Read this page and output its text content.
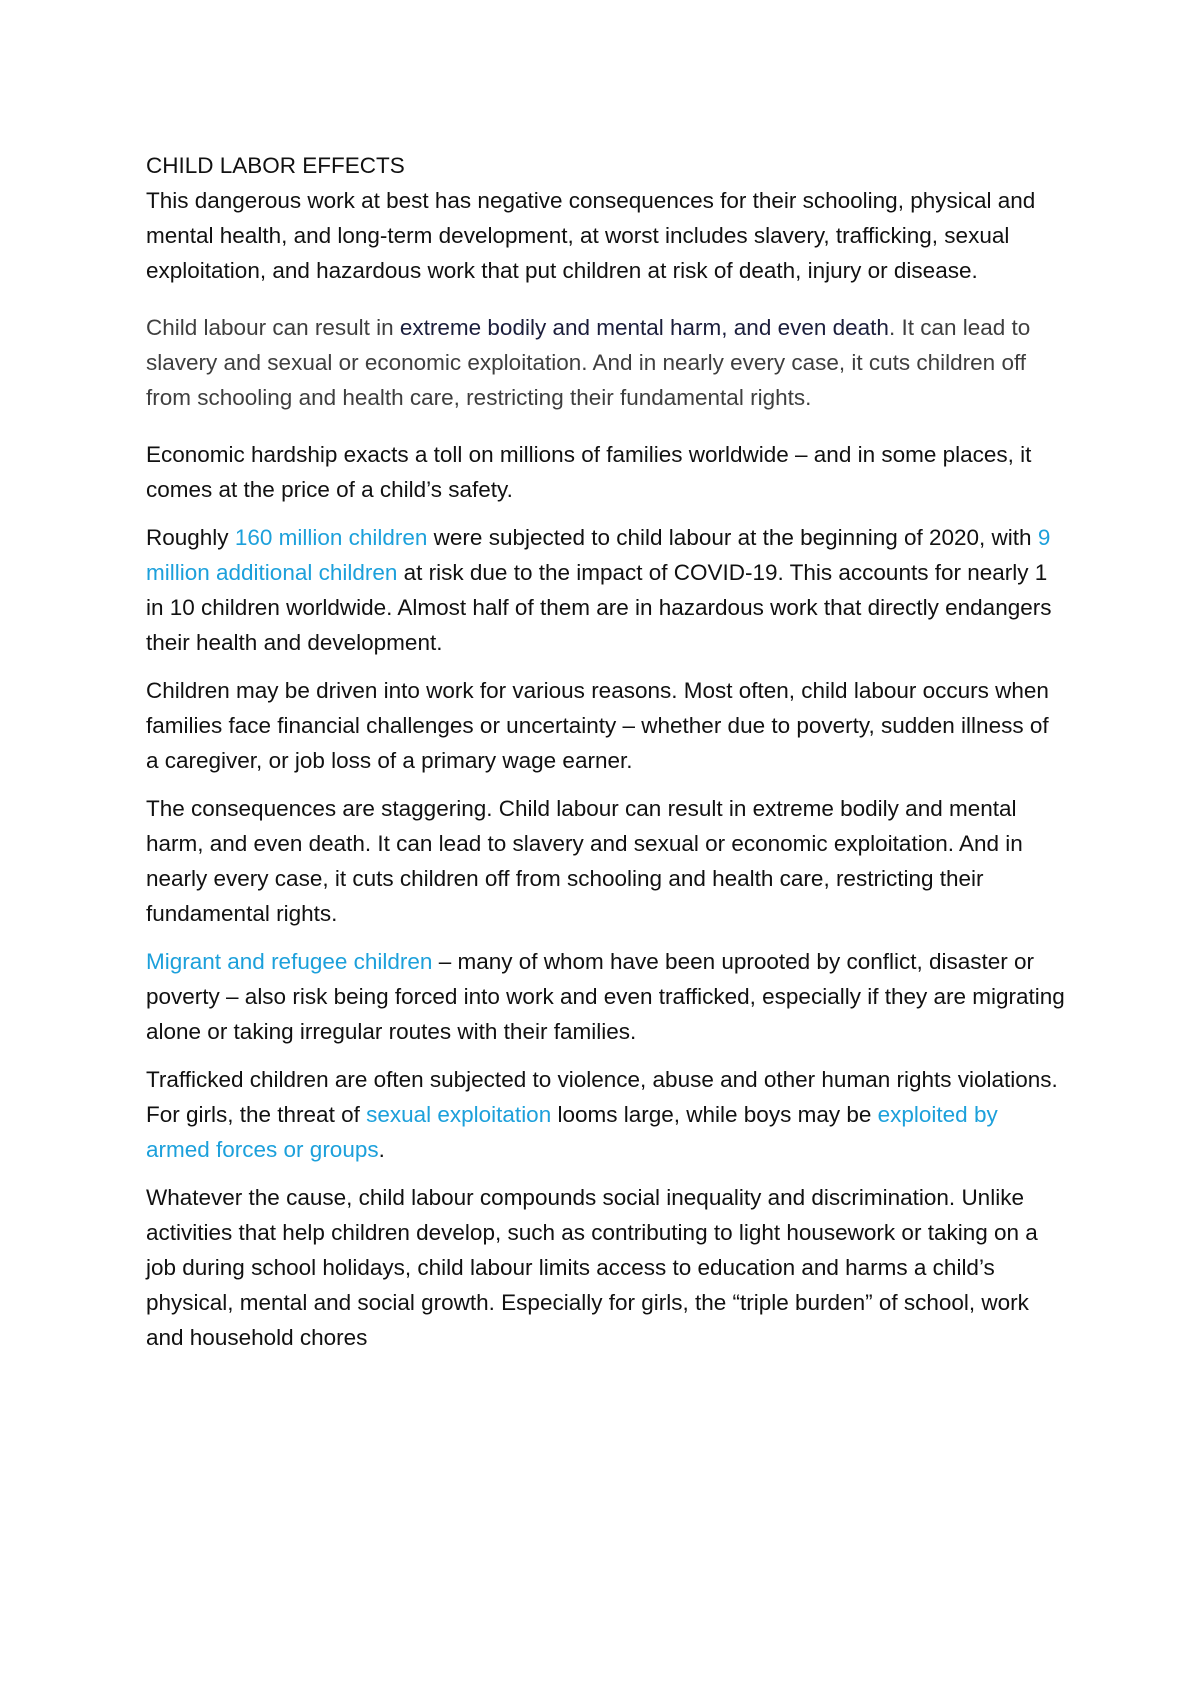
CHILD LABOR EFFECTS
This dangerous work at best has negative consequences for their schooling, physical and mental health, and long-term development, at worst includes slavery, trafficking, sexual exploitation, and hazardous work that put children at risk of death, injury or disease.

Child labour can result in extreme bodily and mental harm, and even death. It can lead to slavery and sexual or economic exploitation. And in nearly every case, it cuts children off from schooling and health care, restricting their fundamental rights.

Economic hardship exacts a toll on millions of families worldwide – and in some places, it comes at the price of a child’s safety.

Roughly 160 million children were subjected to child labour at the beginning of 2020, with 9 million additional children at risk due to the impact of COVID-19. This accounts for nearly 1 in 10 children worldwide. Almost half of them are in hazardous work that directly endangers their health and development.

Children may be driven into work for various reasons. Most often, child labour occurs when families face financial challenges or uncertainty – whether due to poverty, sudden illness of a caregiver, or job loss of a primary wage earner.

The consequences are staggering. Child labour can result in extreme bodily and mental harm, and even death. It can lead to slavery and sexual or economic exploitation. And in nearly every case, it cuts children off from schooling and health care, restricting their fundamental rights.

Migrant and refugee children – many of whom have been uprooted by conflict, disaster or poverty – also risk being forced into work and even trafficked, especially if they are migrating alone or taking irregular routes with their families.

Trafficked children are often subjected to violence, abuse and other human rights violations. For girls, the threat of sexual exploitation looms large, while boys may be exploited by armed forces or groups.

Whatever the cause, child labour compounds social inequality and discrimination. Unlike activities that help children develop, such as contributing to light housework or taking on a job during school holidays, child labour limits access to education and harms a child’s physical, mental and social growth. Especially for girls, the “triple burden” of school, work and household chores
